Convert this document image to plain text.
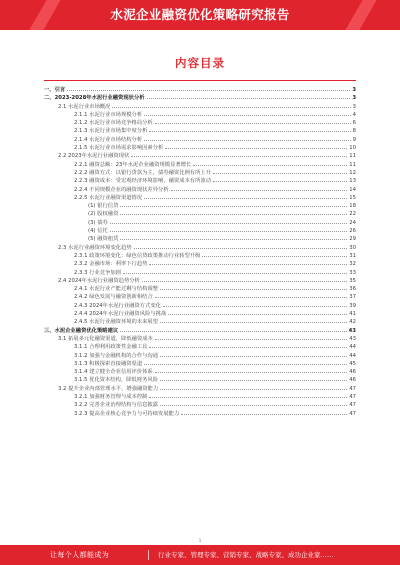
水泥企业融资优化策略研究报告
内容目录
一、引言	3
二、2023-2028年水泥行业融资现状分析	3
2.1 水泥行业市场概况	3
2.1.1 水泥行业市场规模分析	4
2.1.2 水泥行业市场竞争格局分析	6
2.1.3 水泥行业市场集中度分析	8
2.1.4 水泥行业市场结构分析	9
2.1.5 水泥行业市场需求影响因素分析	10
2.2 2023年水泥行业融资现状	11
2.2.1 融资总额：23年水泥企业融资规模显著增长	11
2.2.2 融资方式：以银行贷款为主，债券融资比例有所上升	12
2.2.3 融资成本：受宏观经济环境影响，融资成本有所波动	13
2.2.4 不同规模企业的融资现状差异分析	14
2.2.5 水泥行业融资渠道情况	15
(1) 银行信贷	18
(2) 股权融资	22
(3) 债券	24
(4) 信托	26
(5) 融资租赁	29
2.3 水泥行业融资环境变化趋势	30
2.3.1 政策环境变化：绿色信贷政策推动行业转型升级	31
2.3.2 金融市场：利率下行趋势	32
2.3.3 行业竞争加剧	33
2.4 2024年水泥行业融资趋势分析	35
2.4.1 水泥行业产能过剩与结构调整	36
2.4.2 绿色发展与融资创新相结合	37
2.4.3 2024年水泥行业融资方式变化	39
2.4.4 2024年水泥行业融资风险与挑战	41
2.4.5 水泥行业融资环境的未来展望	42
三、水泥企业融资优化策略建议	43
3.1 拓展多元化融资渠道，降低融资成本	43
3.1.1 合理利用政策性金融工具	44
3.1.2 加强与金融机构的合作与沟通	44
3.1.3 积极探索直接融资渠道	45
3.1.4 建立健全企业信用评价体系	46
3.1.5 优化资本结构，降低财务风险	46
3.2 提升企业内部管理水平，增强融资能力	47
3.2.1 加强财务管理与成本控制	47
3.2.2 完善企业治理结构与信息披露	47
3.2.3 提高企业核心竞争力与可持续发展能力	47
1
让每个人都能成为	行业专家、管理专家、营销专家、战略专家、成功企业家……
